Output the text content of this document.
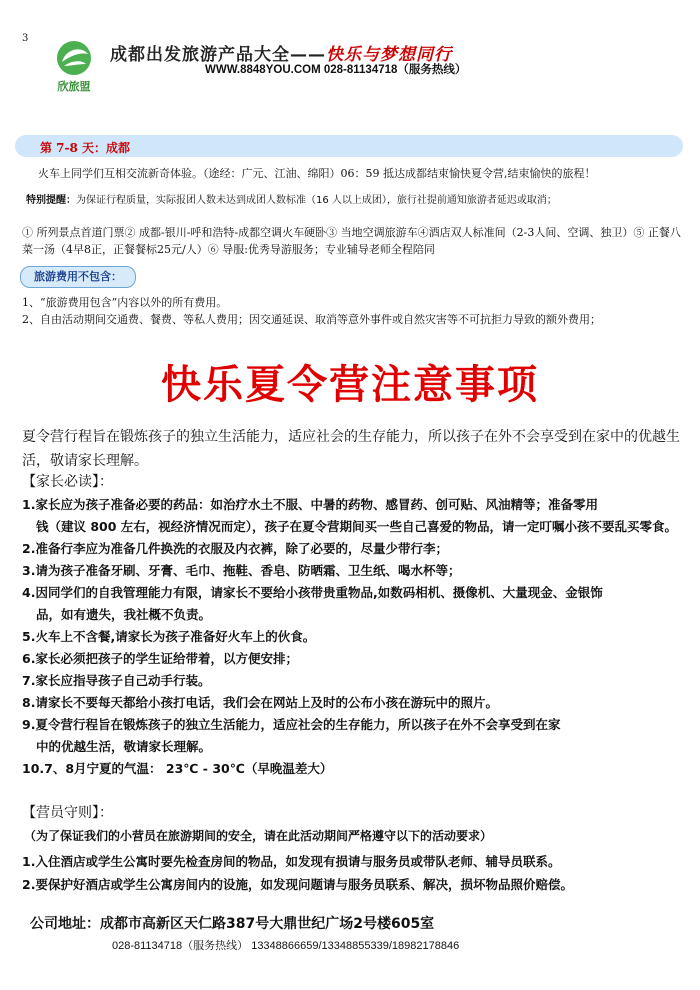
3
欣旅盟
成都出发旅游产品大全——快乐与梦想同行
WWW.8848YOU.COM 028-81134718（服务热线）
第 7-8 天：成都
火车上同学们互相交流新奇体验。（途经：广元、江油、绵阳）06：59 抵达成都结束愉快夏令营,结束愉快的旅程！
特别提醒：为保证行程质量，实际报团人数未达到成团人数标准（16 人以上成团），旅行社提前通知旅游者延迟或取消；
① 所列景点首道门票② 成都-银川-呼和浩特-成都空调火车硬卧③ 当地空调旅游车④酒店双人标准间（2-3人间、空调、独卫）⑤ 正餐八菜一汤（4早8正，正餐餐标25元/人）⑥ 导服:优秀导游服务；专业辅导老师全程陪同
旅游费用不包含：
1、“旅游费用包含”内容以外的所有费用。
2、自由活动期间交通费、餐费、等私人费用；因交通延误、取消等意外事件或自然灾害等不可抗拒力导致的额外费用；
快乐夏令营注意事项
夏令营行程旨在锻炼孩子的独立生活能力，适应社会的生存能力，所以孩子在外不会享受到在家中的优越生活，敬请家长理解。
【家长必读】：
1.家长应为孩子准备必要的药品：如治疗水土不服、中暑的药物、感冒药、创可贴、风油精等；准备零用
钱（建议 800 左右，视经济情况而定），孩子在夏令营期间买一些自己喜爱的物品，请一定叮嘱小孩不要乱买零食。
2.准备行李应为准备几件换洗的衣服及内衣裤，除了必要的，尽量少带行李；
3.请为孩子准备牙刷、牙膏、毛巾、拖鞋、香皂、防晒霜、卫生纸、喝水杯等；
4.因同学们的自我管理能力有限，请家长不要给小孩带贵重物品,如数码相机、摄像机、大量现金、金银饰
品，如有遗失，我社概不负责。
5.火车上不含餐,请家长为孩子准备好火车上的伙食。
6.家长必须把孩子的学生证给带着，以方便安排；
7.家长应指导孩子自己动手行装。
8.请家长不要每天都给小孩打电话，我们会在网站上及时的公布小孩在游玩中的照片。
9.夏令营行程旨在锻炼孩子的独立生活能力，适应社会的生存能力，所以孩子在外不会享受到在家
中的优越生活，敬请家长理解。
10.7、8月宁夏的气温： 23℃ - 30℃（早晚温差大）
【营员守则】：
（为了保证我们的小营员在旅游期间的安全，请在此活动期间严格遵守以下的活动要求）
1.入住酒店或学生公寓时要先检查房间的物品，如发现有损请与服务员或带队老师、辅导员联系。
2.要保护好酒店或学生公寓房间内的设施，如发现问题请与服务员联系、解决，损坏物品照价赔偿。
公司地址：成都市高新区天仁路387号大鼎世纪广场2号楼605室
028-81134718（服务热线） 13348866659/13348855339/18982178846
